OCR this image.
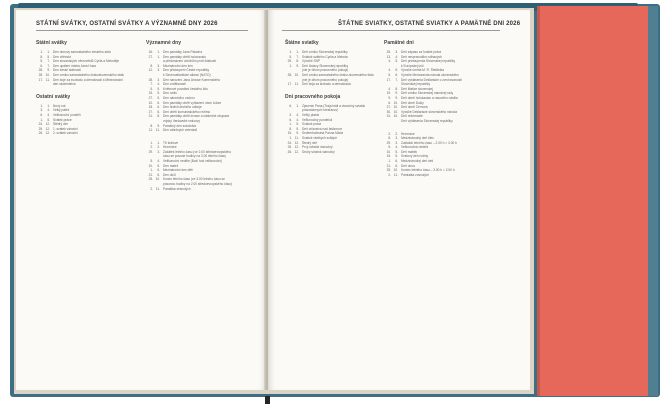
STÁTNÍ SVÁTKY, OSTATNÍ SVÁTKY A VÝZNAMNÉ DNY 2026
Státní svátky
1.	1. Den obnovy samostatného českého státu
8.	5. Den vítězství
5.	7. Den slovanských věrozvěstů Cyrila a Metoděje
6.	7. Den upálení mistra Jana Husa
28.	9. Den české státnosti
28. 10. Den vzniku samostatného československého státu
17. 11. Den boje za svobodu a demokracii a Mezinárodní
den studentstva
Ostatní svátky
1.	1. Nový rok
3.	4. Velký pátek
6.	4. Velikonoční pondělí
1.	5. Svátek práce
24. 12. Štědrý den
25. 12. 1. svátek vánoční
26. 12. 2. svátek vánoční
Významné dny
16.	1. Den památky Jana Palacha
27.	1. Den památky obětí holocaustu
a předcházení zločinům proti lidskosti
8.	3. Mezinárodní den žen
12.	3. Den přistoupení České republiky
k Severoatlantické alianci (NATO)
28.	3. Den narození Jana Ámose Komenského
7.	4. Den vzdělanosti
5.	5. Květnové povstání českého lidu
15.	5. Den rodin
27.	5. Den národního vzdoru
10.	6. Den památky obětí vyhlazení obce Lidice
18.	6. Den hrdinů druhého odboje
27.	6. Den obětí komunistického režimu
21.	8. Den památky obětí invaze a následné okupace
vojsky Varšavské smlouvy
8.	9. Památný den sokolstva
11. 11. Den válečných veteránů
1.	1. Tří králové
2.	2. Hromnice
29.	3. Začátek letního času (ve 2.00 středoevropského
času se posune hodiny na 3.00 letního času)
5.	4. Velikonoční neděle (Boží hod velikonoční)
10.	5. Den matek
1.	6. Mezinárodní den dětí
21.	6. Den otců
25. 10. Konec letního času (ve 3.00 letního času se
posunou hodiny na 2.00 středoevropského času)
2. 11. Památka zesnulých
ŠTÁTNE SVIATKY, OSTATNÉ SVIATKY A PAMÄTNÉ DNI 2026
Štátne sviatky
1.	1. Deň vzniku Slovenskej republiky
5.	7. Sviatok svätého Cyrila a Metoda
29.	8. Výročie SNP
1.	9. Deň Ústavy Slovenskej republiky
(nie je dňom pracovného pokoja)
28. 10. Deň vzniku samostatného česko-slovenského štátu
(nie je dňom pracovného pokoja)
17. 11. Deň boja za slobodu a demokraciu
Dni pracovného pokoja
6.	1. Zjavenie Pána (Traja králi a vianočný sviatok
pravoslávnych kresťanov)
3.	4. Veľký piatok
6.	4. Veľkonočný pondelok
1.	5. Sviatok práce
8.	5. Deň víťazstva nad fašizmom
15.	9. Sedembolestná Panna Mária
1. 11. Sviatok všetkých svätých
24. 12. Štedrý deň
25. 12. Prvý sviatok vianočný
26. 12. Druhý sviatok vianočný
Pamätné dni
25.	3. Deň zápasu za ľudské práva
13.	4. Deň nespravodlivo stíhaných
4.	5. Deň priestupenia Slovenskej republiky
k Európskej únii
4.	5. Výročie úmrtia M. R. Štefánika
5.	6. Výročie Memoranda národa slovenského
17.	7. Deň vyhlásenia Deklarácie o zvrchovanosti
Slovenskej republiky
4.	8. Deň Matice slovenskej
19.	9. Deň vzniku Slovenskej národnej rady
9.	9. Deň obetí holokaustu a rasového násilia
6. 10. Deň obetí Dukly
27. 10. Deň obetí Černovej
30. 10. Výročie Deklarácie slovenského národa
31. 10. Deň reformácie
Deň vyhlásenia Slovenskej republiky
2.	2. Hromnice
8.	3. Medzinárodný deň žien
29.	3. Začiatok letného času – 2.00 h = 3.00 h
5.	4. Veľkonočná nedeľa
10.	5. Deň matiek
15.	5. Svetový deň rodiny
1.	6. Medzinárodný deň detí
21.	6. Deň otcov
25. 10. Koniec letného času – 3.00 h = 2.00 h
2. 11. Pamiatka zosnulých
